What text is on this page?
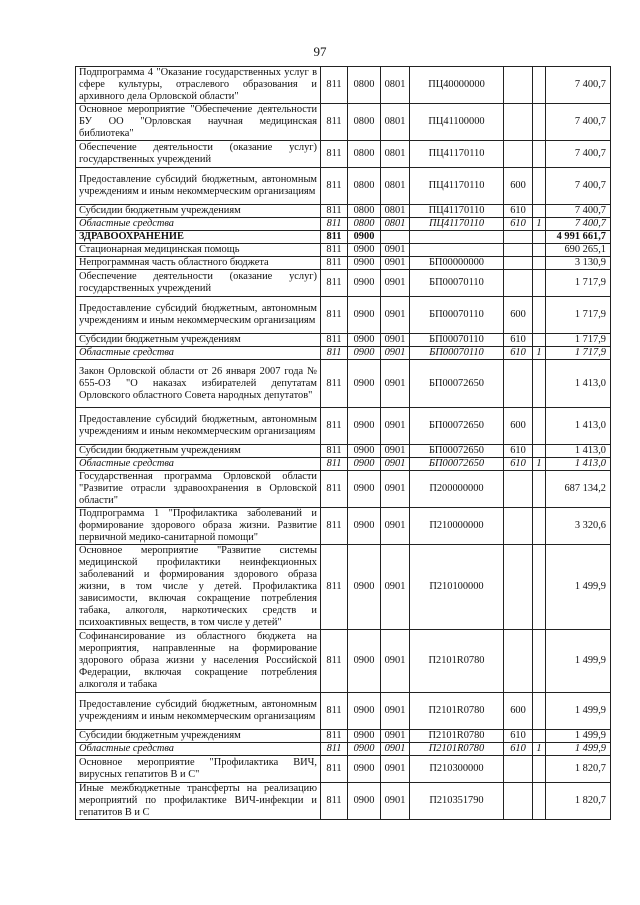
97
Подпрограмма 4 "Оказание государственных услуг в сфере культуры, отраслевого образования и архивного дела Орловской области"	811	0800	0801	ПЦ40000000			7 400,7
Основное мероприятие "Обеспечение деятельности БУ ОО "Орловская научная медицинская библиотека"	811	0800	0801	ПЦ41100000			7 400,7
Обеспечение деятельности (оказание услуг) государственных учреждений	811	0800	0801	ПЦ41170110			7 400,7
Предоставление субсидий бюджетным, автономным учреждениям и иным некоммерческим организациям	811	0800	0801	ПЦ41170110	600		7 400,7
Субсидии бюджетным учреждениям	811	0800	0801	ПЦ41170110	610		7 400,7
Областные средства	811	0800	0801	ПЦ41170110	610	1	7 400,7
ЗДРАВООХРАНЕНИЕ	811	0900					4 991 661,7
Стационарная медицинская помощь	811	0900	0901				690 265,1
Непрограммная часть областного бюджета	811	0900	0901	БП00000000			3 130,9
Обеспечение деятельности (оказание услуг) государственных учреждений	811	0900	0901	БП00070110			1 717,9
Предоставление субсидий бюджетным, автономным учреждениям и иным некоммерческим организациям	811	0900	0901	БП00070110	600		1 717,9
Субсидии бюджетным учреждениям	811	0900	0901	БП00070110	610		1 717,9
Областные средства	811	0900	0901	БП00070110	610	1	1 717,9
Закон Орловской области от 26 января 2007 года № 655-ОЗ "О наказах избирателей депутатам Орловского областного Совета народных депутатов"	811	0900	0901	БП00072650			1 413,0
Предоставление субсидий бюджетным, автономным учреждениям и иным некоммерческим организациям	811	0900	0901	БП00072650	600		1 413,0
Субсидии бюджетным учреждениям	811	0900	0901	БП00072650	610		1 413,0
Областные средства	811	0900	0901	БП00072650	610	1	1 413,0
Государственная программа Орловской области "Развитие отрасли здравоохранения в Орловской области"	811	0900	0901	П200000000			687 134,2
Подпрограмма 1 "Профилактика заболеваний и формирование здорового образа жизни. Развитие первичной медико-санитарной помощи"	811	0900	0901	П210000000			3 320,6
Основное мероприятие "Развитие системы медицинской профилактики неинфекционных заболеваний и формирования здорового образа жизни, в том числе у детей. Профилактика зависимости, включая сокращение потребления табака, алкоголя, наркотических средств и психоактивных веществ, в том числе у детей"	811	0900	0901	П210100000			1 499,9
Софинансирование из областного бюджета на мероприятия, направленные на формирование здорового образа жизни у населения Российской Федерации, включая сокращение потребления алкоголя и табака	811	0900	0901	П2101R0780			1 499,9
Предоставление субсидий бюджетным, автономным учреждениям и иным некоммерческим организациям	811	0900	0901	П2101R0780	600		1 499,9
Субсидии бюджетным учреждениям	811	0900	0901	П2101R0780	610		1 499,9
Областные средства	811	0900	0901	П2101R0780	610	1	1 499,9
Основное мероприятие "Профилактика ВИЧ, вирусных гепатитов В и С"	811	0900	0901	П210300000			1 820,7
Иные межбюджетные трансферты на реализацию мероприятий по профилактике ВИЧ-инфекции и гепатитов В и С	811	0900	0901	П210351790			1 820,7
